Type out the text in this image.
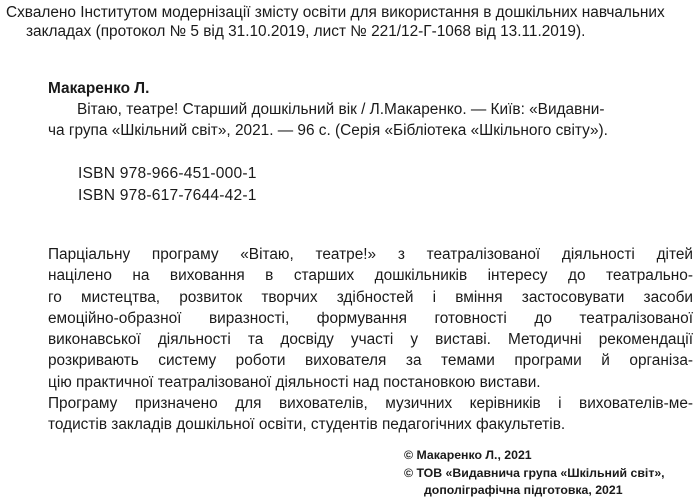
Схвалено Інститутом модернізації змісту освіти для використання в дошкільних навчальних
закладах (протокол № 5 від 31.10.2019, лист № 221/12-Г-1068 від 13.11.2019).
Макаренко Л.
Вітаю, театре! Старший дошкільний вік / Л.Макаренко. — Київ: «Видавни-
ча група «Шкільний світ», 2021. — 96 с. (Серія «Бібліотека «Шкільного світу»).
ISBN 978-966-451-000-1
ISBN 978-617-7644-42-1
Парціальну програму «Вітаю, театре!» з театралізованої діяльності дітей
націлено на виховання в старших дошкільників інтересу до театрально-
го мистецтва, розвиток творчих здібностей і вміння застосовувати засоби
емоційно-образної виразності, формування готовності до театралізованої
виконавської діяльності та досвіду участі у виставі. Методичні рекомендації
розкривають систему роботи вихователя за темами програми й організа-
цію практичної театралізованої діяльності над постановкою вистави.
Програму призначено для вихователів, музичних керівників і вихователів-ме-
тодистів закладів дошкільної освіти, студентів педагогічних факультетів.
© Макаренко Л., 2021
© ТОВ «Видавнича група «Шкільний світ»,
дополіграфічна підготовка, 2021
